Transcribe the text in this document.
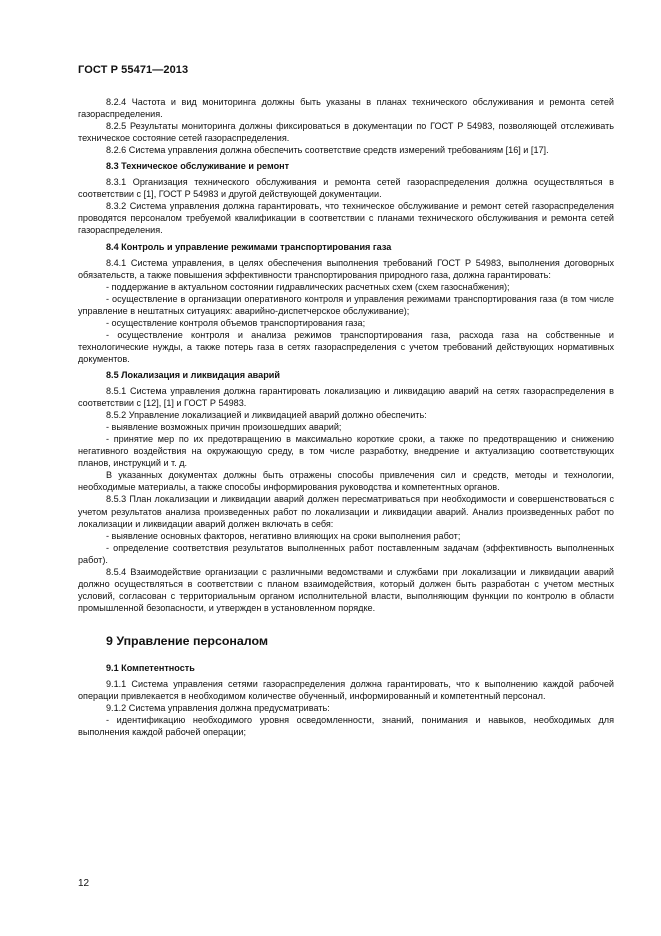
ГОСТ Р 55471—2013

8.2.4 Частота и вид мониторинга должны быть указаны в планах технического обслуживания и ремонта сетей газораспределения.

8.2.5 Результаты мониторинга должны фиксироваться в документации по ГОСТ Р 54983, позволяющей отслеживать техническое состояние сетей газораспределения.

8.2.6 Система управления должна обеспечить соответствие средств измерений требованиям [16] и [17].

8.3 Техническое обслуживание и ремонт

8.3.1 Организация технического обслуживания и ремонта сетей газораспределения должна осуществляться в соответствии с [1], ГОСТ Р 54983 и другой действующей документации.

8.3.2 Система управления должна гарантировать, что техническое обслуживание и ремонт сетей газораспределения проводятся персоналом требуемой квалификации в соответствии с планами технического обслуживания и ремонта сетей газораспределения.

8.4 Контроль и управление режимами транспортирования газа

8.4.1 Система управления, в целях обеспечения выполнения требований ГОСТ Р 54983, выполнения договорных обязательств, а также повышения эффективности транспортирования природного газа, должна гарантировать:

- поддержание в актуальном состоянии гидравлических расчетных схем (схем газоснабжения);

- осуществление в организации оперативного контроля и управления режимами транспортирования газа (в том числе управление в нештатных ситуациях: аварийно-диспетчерское обслуживание);

- осуществление контроля объемов транспортирования газа;

- осуществление контроля и анализа режимов транспортирования газа, расхода газа на собственные и технологические нужды, а также потерь газа в сетях газораспределения с учетом требований действующих нормативных документов.

8.5 Локализация и ликвидация аварий

8.5.1 Система управления должна гарантировать локализацию и ликвидацию аварий на сетях газораспределения в соответствии с [12], [1] и ГОСТ Р 54983.

8.5.2 Управление локализацией и ликвидацией аварий должно обеспечить:

- выявление возможных причин произошедших аварий;

- принятие мер по их предотвращению в максимально короткие сроки, а также по предотвращению и снижению негативного воздействия на окружающую среду, в том числе разработку, внедрение и актуализацию соответствующих планов, инструкций и т. д.

В указанных документах должны быть отражены способы привлечения сил и средств, методы и технологии, необходимые материалы, а также способы информирования руководства и компетентных органов.

8.5.3 План локализации и ликвидации аварий должен пересматриваться при необходимости и совершенствоваться с учетом результатов анализа произведенных работ по локализации и ликвидации аварий. Анализ произведенных работ по локализации и ликвидации аварий должен включать в себя:

- выявление основных факторов, негативно влияющих на сроки выполнения работ;

- определение соответствия результатов выполненных работ поставленным задачам (эффективность выполненных работ).

8.5.4 Взаимодействие организации с различными ведомствами и службами при локализации и ликвидации аварий должно осуществляться в соответствии с планом взаимодействия, который должен быть разработан с учетом местных условий, согласован с территориальным органом исполнительной власти, выполняющим функции по контролю в области промышленной безопасности, и утвержден в установленном порядке.

9 Управление персоналом
9.1 Компетентность

9.1.1 Система управления сетями газораспределения должна гарантировать, что к выполнению каждой рабочей операции привлекается в необходимом количестве обученный, информированный и компетентный персонал.

9.1.2 Система управления должна предусматривать:

- идентификацию необходимого уровня осведомленности, знаний, понимания и навыков, необходимых для выполнения каждой рабочей операции;

12
